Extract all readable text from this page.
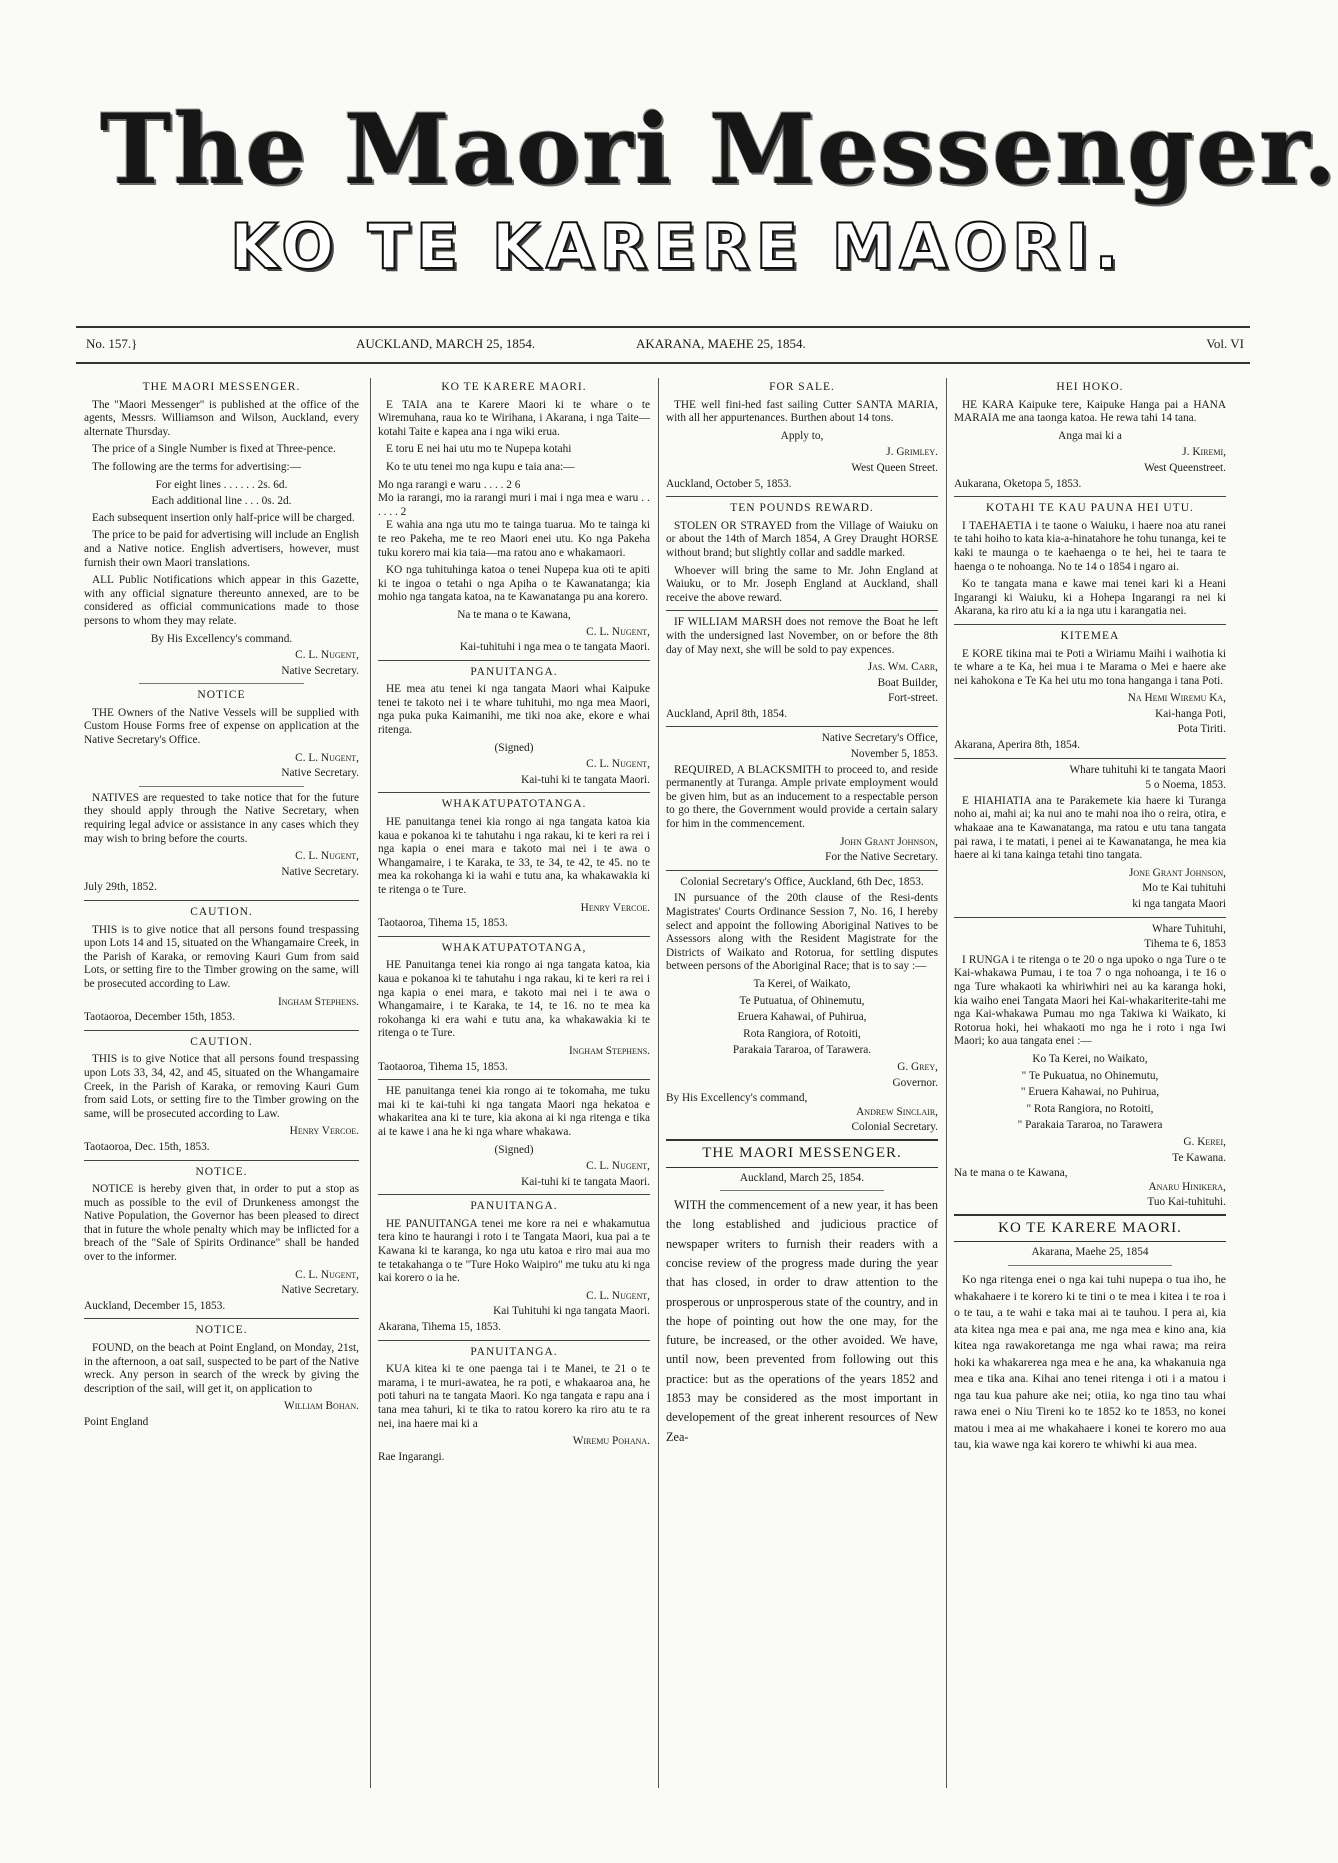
The Maori Messenger.
KO TE KARERE MAORI.
No. 157.}	AUCKLAND, MARCH 25, 1854.	AKARANA, MAEHE 25, 1854.	Vol. VI
THE MAORI MESSENGER.

The "Maori Messenger" is published at the office of the agents, Messrs. Williamson and Wilson, Auckland, every alternate Thursday.

The price of a Single Number is fixed at Three-pence.

The following are the terms for advertising:—

For eight lines . . . . . . 2s. 6d.
Each additional line . . . 0s. 2d.

Each subsequent insertion only half-price will be charged.

The price to be paid for advertising will include an English and a Native notice. English advertisers, however, must furnish their own Maori translations.

ALL Public Notifications which appear in this Gazette, with any official signature thereunto annexed, are to be considered as official communications made to those persons to whom they may relate.

By His Excellency's command.
C. L. Nugent,
Native Secretary.
NOTICE

THE Owners of the Native Vessels will be supplied with Custom House Forms free of expense on application at the Native Secretary's Office.

C. L. Nugent,
Native Secretary.

NATIVES are requested to take notice that for the future they should apply through the Native Secretary, when requiring legal advice or assistance in any cases which they may wish to bring before the courts.

C. L. Nugent,
Native Secretary.
July 29th, 1852.
CAUTION.

THIS is to give notice that all persons found trespassing upon Lots 14 and 15, situated on the Whangamaire Creek, in the Parish of Karaka, or removing Kauri Gum from said Lots, or setting fire to the Timber growing on the same, will be prosecuted according to Law.

Ingham Stephens.
Taotaoroa, December 15th, 1853.
CAUTION.

THIS is to give Notice that all persons found trespassing upon Lots 33, 34, 42, and 45, situated on the Whangamaire Creek, in the Parish of Karaka, or removing Kauri Gum from said Lots, or setting fire to the Timber growing on the same, will be prosecuted according to Law.

Henry Vercoe.
Taotaoroa, Dec. 15th, 1853.
NOTICE.

NOTICE is hereby given that, in order to put a stop as much as possible to the evil of Drunkeness amongst the Native Population, the Governor has been pleased to direct that in future the whole penalty which may be inflicted for a breach of the "Sale of Spirits Ordinance" shall be handed over to the informer.

C. L. Nugent,
Native Secretary.
Auckland, December 15, 1853.
NOTICE.

FOUND, on the beach at Point England, on Monday, 21st, in the afternoon, a oat sail, suspected to be part of the Native wreck. Any person in search of the wreck by giving the description of the sail, will get it, on application to

William Bohan.
Point England
KO TE KARERE MAORI.

E TAIA ana te Karere Maori ki te whare o te Wiremuhana, raua ko te Wirihana, i Akarana, i nga Taite—kotahi Taite e kapea ana i nga wiki erua.

E toru E nei hai utu mo te Nupepa kotahi

Ko te utu tenei mo nga kupu e taia ana:—

Mo nga rarangi e waru . . . . 2 6
Mo ia rarangi, mo ia rarangi muri i mai i nga mea e waru . . . . . . 2

E wahia ana nga utu mo te tainga tuarua. Mo te tainga ki te reo Pakeha, me te reo Maori enei utu. Ko nga Pakeha tuku korero mai kia taia—ma ratou ano e whakamaori.

KO nga tuhituhinga katoa o tenei Nupepa kua oti te apiti ki te ingoa o tetahi o nga Apiha o te Kawanatanga; kia mohio nga tangata katoa, na te Kawanatanga pu ana korero.

Na te mana o te Kawana,
C. L. Nugent,
Kai-tuhituhi i nga mea o te tangata Maori.
PANUITANGA.

HE mea atu tenei ki nga tangata Maori whai Kaipuke tenei te takoto nei i te whare tuhituhi, mo nga mea Maori, nga puka puka Kaimanihi, me tiki noa ake, ekore e whai ritenga.

(Signed)
C. L. Nugent,
Kai-tuhi ki te tangata Maori.
WHAKATUPATOTANGA.

HE panuitanga tenei kia rongo ai nga tangata katoa kia kaua e pokanoa ki te tahutahu i nga rakau, ki te keri ra rei i nga kapia o enei mara e takoto mai nei i te awa o Whangamaire, i te Karaka, te 33, te 34, te 42, te 45. no te mea ka rokohanga ki ia wahi e tutu ana, ka whakawakia ki te ritenga o te Ture.

Henry Vercoe.
Taotaoroa, Tihema 15, 1853.
WHAKATUPATOTANGA,

HE Panuitanga tenei kia rongo ai nga tangata katoa, kia kaua e pokanoa ki te tahutahu i nga rakau, ki te keri ra rei i nga kapia o enei mara, e takoto mai nei i te awa o Whangamaire, i te Karaka, te 14, te 16. no te mea ka rokohanga ki era wahi e tutu ana, ka whakawakia ki te ritenga o te Ture.

Ingham Stephens.
Taotaoroa, Tihema 15, 1853.

HE panuitanga tenei kia rongo ai te tokomaha, me tuku mai ki te kai-tuhi ki nga tangata Maori nga hekatoa e whakaritea ana ki te ture, kia akona ai ki nga ritenga e tika ai te kawe i ana he ki nga whare whakawa.

(Signed)
C. L. Nugent,
Kai-tuhi ki te tangata Maori.
PANUITANGA.

HE PANUITANGA tenei me kore ra nei e whakamutua tera kino te haurangi i roto i te Tangata Maori, kua pai a te Kawana ki te karanga, ko nga utu katoa e riro mai aua mo te tetakahanga o te "Ture Hoko Waipiro" me tuku atu ki nga kai korero o ia he.

C. L. Nugent,
Kai Tuhituhi ki nga tangata Maori.
Akarana, Tihema 15, 1853.
PANUITANGA.

KUA kitea ki te one paenga tai i te Manei, te 21 o te marama, i te muri-awatea, he ra poti, e whakaaroa ana, he poti tahuri na te tangata Maori. Ko nga tangata e rapu ana i tana mea tahuri, ki te tika to ratou korero ka riro atu te ra nei, ina haere mai ki a

Wiremu Pohana.
Rae Ingarangi.
FOR SALE.

THE well fini-hed fast sailing Cutter SANTA MARIA, with all her appurtenances. Burthen about 14 tons.

Apply to,
J. Grimley.
West Queen Street.
Auckland, October 5, 1853.
TEN POUNDS REWARD.

STOLEN OR STRAYED from the Village of Waiuku on or about the 14th of March 1854, A Grey Draught HORSE without brand; but slightly collar and saddle marked.

Whoever will bring the same to Mr. John England at Waiuku, or to Mr. Joseph England at Auckland, shall receive the above reward.

IF WILLIAM MARSH does not remove the Boat he left with the undersigned last November, on or before the 8th day of May next, she will be sold to pay expences.

Jas. Wm. Carr,
Boat Builder,
Fort-street.
Auckland, April 8th, 1854.
Native Secretary's Office,
November 5, 1853.

REQUIRED, A BLACKSMITH to proceed to, and reside permanently at Turanga. Ample private employment would be given him, but as an inducement to a respectable person to go there, the Government would provide a certain salary for him in the commencement.

John Grant Johnson,
For the Native Secretary.
Colonial Secretary's Office, Auckland, 6th Dec, 1853.

IN pursuance of the 20th clause of the Resi-dents Magistrates' Courts Ordinance Session 7, No. 16, I hereby select and appoint the following Aboriginal Natives to be Assessors along with the Resident Magistrate for the Districts of Waikato and Rotorua, for settling disputes between persons of the Aboriginal Race; that is to say :—

Ta Kerei, of Waikato,
Te Putuatua, of Ohinemutu,
Eruera Kahawai, of Puhirua,
Rota Rangiora, of Rotoiti,
Parakaia Tararoa, of Tarawera.
G. Grey,
Governor.
By His Excellency's command,
Andrew Sinclair,
Colonial Secretary.
THE MAORI MESSENGER.
Auckland, March 25, 1854.

WITH the commencement of a new year, it has been the long established and judicious practice of newspaper writers to furnish their readers with a concise review of the progress made during the year that has closed, in order to draw attention to the prosperous or unprosperous state of the country, and in the hope of pointing out how the one may, for the future, be increased, or the other avoided. We have, until now, been prevented from following out this practice: but as the operations of the years 1852 and 1853 may be considered as the most important in developement of the great inherent resources of New Zea-

HEI HOKO.

HE KARA Kaipuke tere, Kaipuke Hanga pai a HANA MARAIA me ana taonga katoa. He rewa tahi 14 tana.

Anga mai ki a
J. Kiremi,
West Queenstreet.
Aukarana, Oketopa 5, 1853.
KOTAHI TE KAU PAUNA HEI UTU.

I TAEHAETIA i te taone o Waiuku, i haere noa atu ranei te tahi hoiho to kata kia-a-hinatahore he tohu tunanga, kei te kaki te maunga o te kaehaenga o te hei, hei te taara te haenga o te nohoanga. No te 14 o 1854 i ngaro ai.

Ko te tangata mana e kawe mai tenei kari ki a Heani Ingarangi ki Waiuku, ki a Hohepa Ingarangi ra nei ki Akarana, ka riro atu ki a ia nga utu i karangatia nei.

KITEMEA

E KORE tikina mai te Poti a Wiriamu Maihi i waihotia ki te whare a te Ka, hei mua i te Marama o Mei e haere ake nei kahokona e Te Ka hei utu mo tona hanganga i tana Poti.

Na Hemi Wiremu Ka,
Kai-hanga Poti,
Pota Tiriti.
Akarana, Aperira 8th, 1854.
Whare tuhituhi ki te tangata Maori
5 o Noema, 1853.

E HIAHIATIA ana te Parakemete kia haere ki Turanga noho ai, mahi ai; ka nui ano te mahi noa iho o reira, otira, e whakaae ana te Kawanatanga, ma ratou e utu tana tangata pai rawa, i te matati, i penei ai te Kawanatanga, he mea kia haere ai ki tana kainga tetahi tino tangata.

Jone Grant Johnson,
Mo te Kai tuhituhi
ki nga tangata Maori
Whare Tuhituhi,
Tihema te 6, 1853

I RUNGA i te ritenga o te 20 o nga upoko o nga Ture o te Kai-whakawa Pumau, i te toa 7 o nga nohoanga, i te 16 o nga Ture whakaoti ka whiriwhiri nei au ka karanga hoki, kia waiho enei Tangata Maori hei Kai-whakariterite-tahi me nga Kai-whakawa Pumau mo nga Takiwa ki Waikato, ki Rotorua hoki, hei whakaoti mo nga he i roto i nga Iwi Maori; ko aua tangata enei :—

Ko Ta Kerei, no Waikato,
" Te Pukuatua, no Ohinemutu,
" Eruera Kahawai, no Puhirua,
" Rota Rangiora, no Rotoiti,
" Parakaia Tararoa, no Tarawera
G. Kerei,
Te Kawana.
Na te mana o te Kawana,
Anaru Hinikera,
Tuo Kai-tuhituhi.
KO TE KARERE MAORI.
Akarana, Maehe 25, 1854

Ko nga ritenga enei o nga kai tuhi nupepa o tua iho, he whakahaere i te korero ki te tini o te mea i kitea i te roa i o te tau, a te wahi e taka mai ai te tauhou. I pera ai, kia ata kitea nga mea e pai ana, me nga mea e kino ana, kia kitea nga rawakoretanga me nga whai rawa; ma reira hoki ka whakarerea nga mea e he ana, ka whakanuia nga mea e tika ana. Kihai ano tenei ritenga i oti i a matou i nga tau kua pahure ake nei; otiia, ko nga tino tau whai rawa enei o Niu Tireni ko te 1852 ko te 1853, no konei matou i mea ai me whakahaere i konei te korero mo aua tau, kia wawe nga kai korero te whiwhi ki aua mea.
